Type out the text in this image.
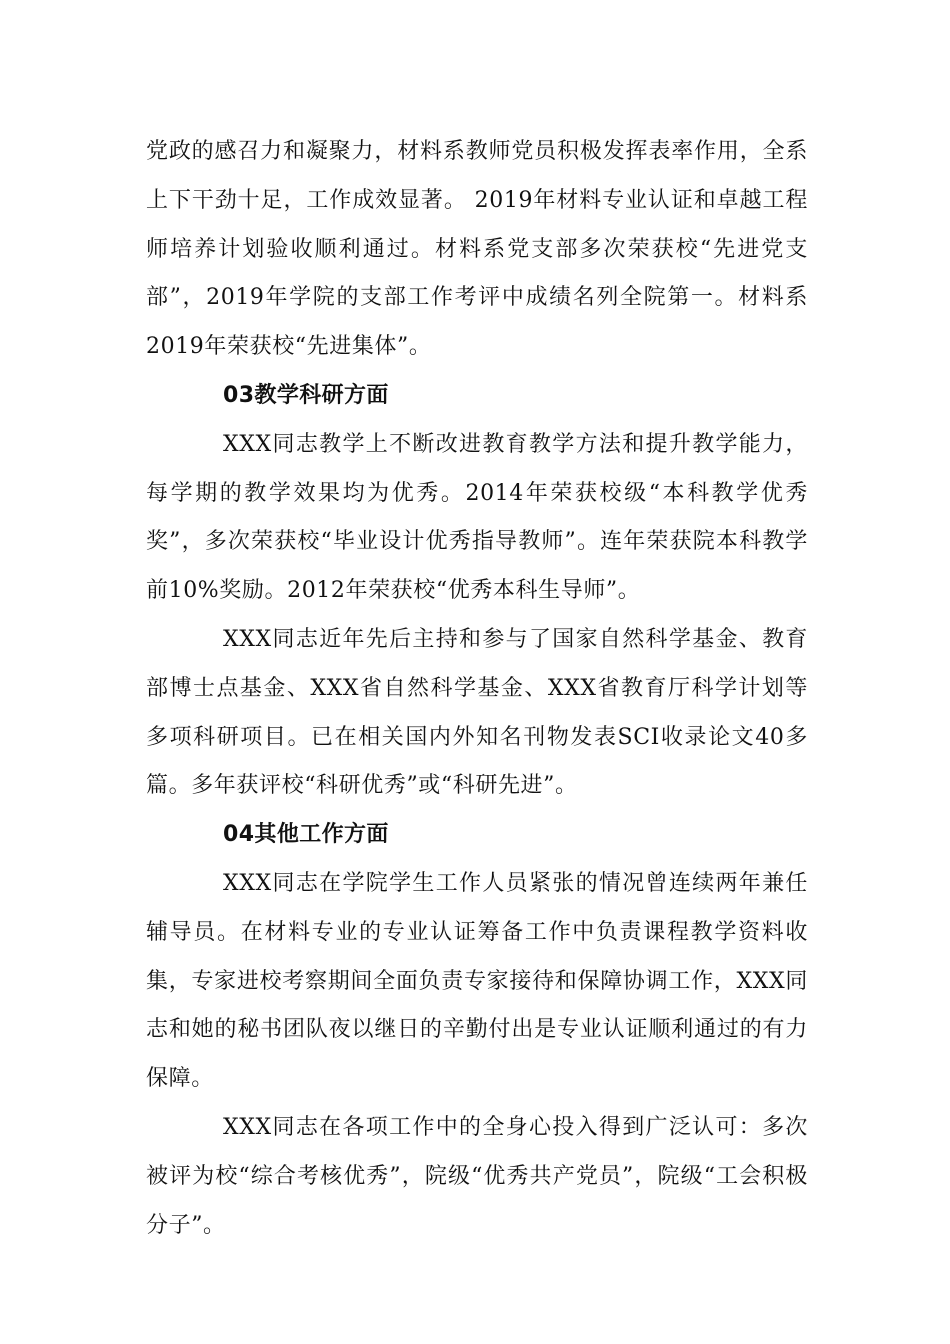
党政的感召力和凝聚力，材料系教师党员积极发挥表率作用，全系上下干劲十足，工作成效显著。 2019年材料专业认证和卓越工程师培养计划验收顺利通过。材料系党支部多次荣获校“先进党支部”，2019年学院的支部工作考评中成绩名列全院第一。材料系2019年荣获校“先进集体”。

03教学科研方面

XXX同志教学上不断改进教育教学方法和提升教学能力，每学期的教学效果均为优秀。2014年荣获校级“本科教学优秀奖”，多次荣获校“毕业设计优秀指导教师”。连年荣获院本科教学前10%奖励。2012年荣获校“优秀本科生导师”。

XXX同志近年先后主持和参与了国家自然科学基金、教育部博士点基金、XXX省自然科学基金、XXX省教育厅科学计划等多项科研项目。已在相关国内外知名刊物发表SCI收录论文40多篇。多年获评校“科研优秀”或“科研先进”。

04其他工作方面

XXX同志在学院学生工作人员紧张的情况曾连续两年兼任辅导员。在材料专业的专业认证筹备工作中负责课程教学资料收集，专家进校考察期间全面负责专家接待和保障协调工作，XXX同志和她的秘书团队夜以继日的辛勤付出是专业认证顺利通过的有力保障。

XXX同志在各项工作中的全身心投入得到广泛认可：多次被评为校“综合考核优秀”，院级“优秀共产党员”，院级“工会积极分子”。
